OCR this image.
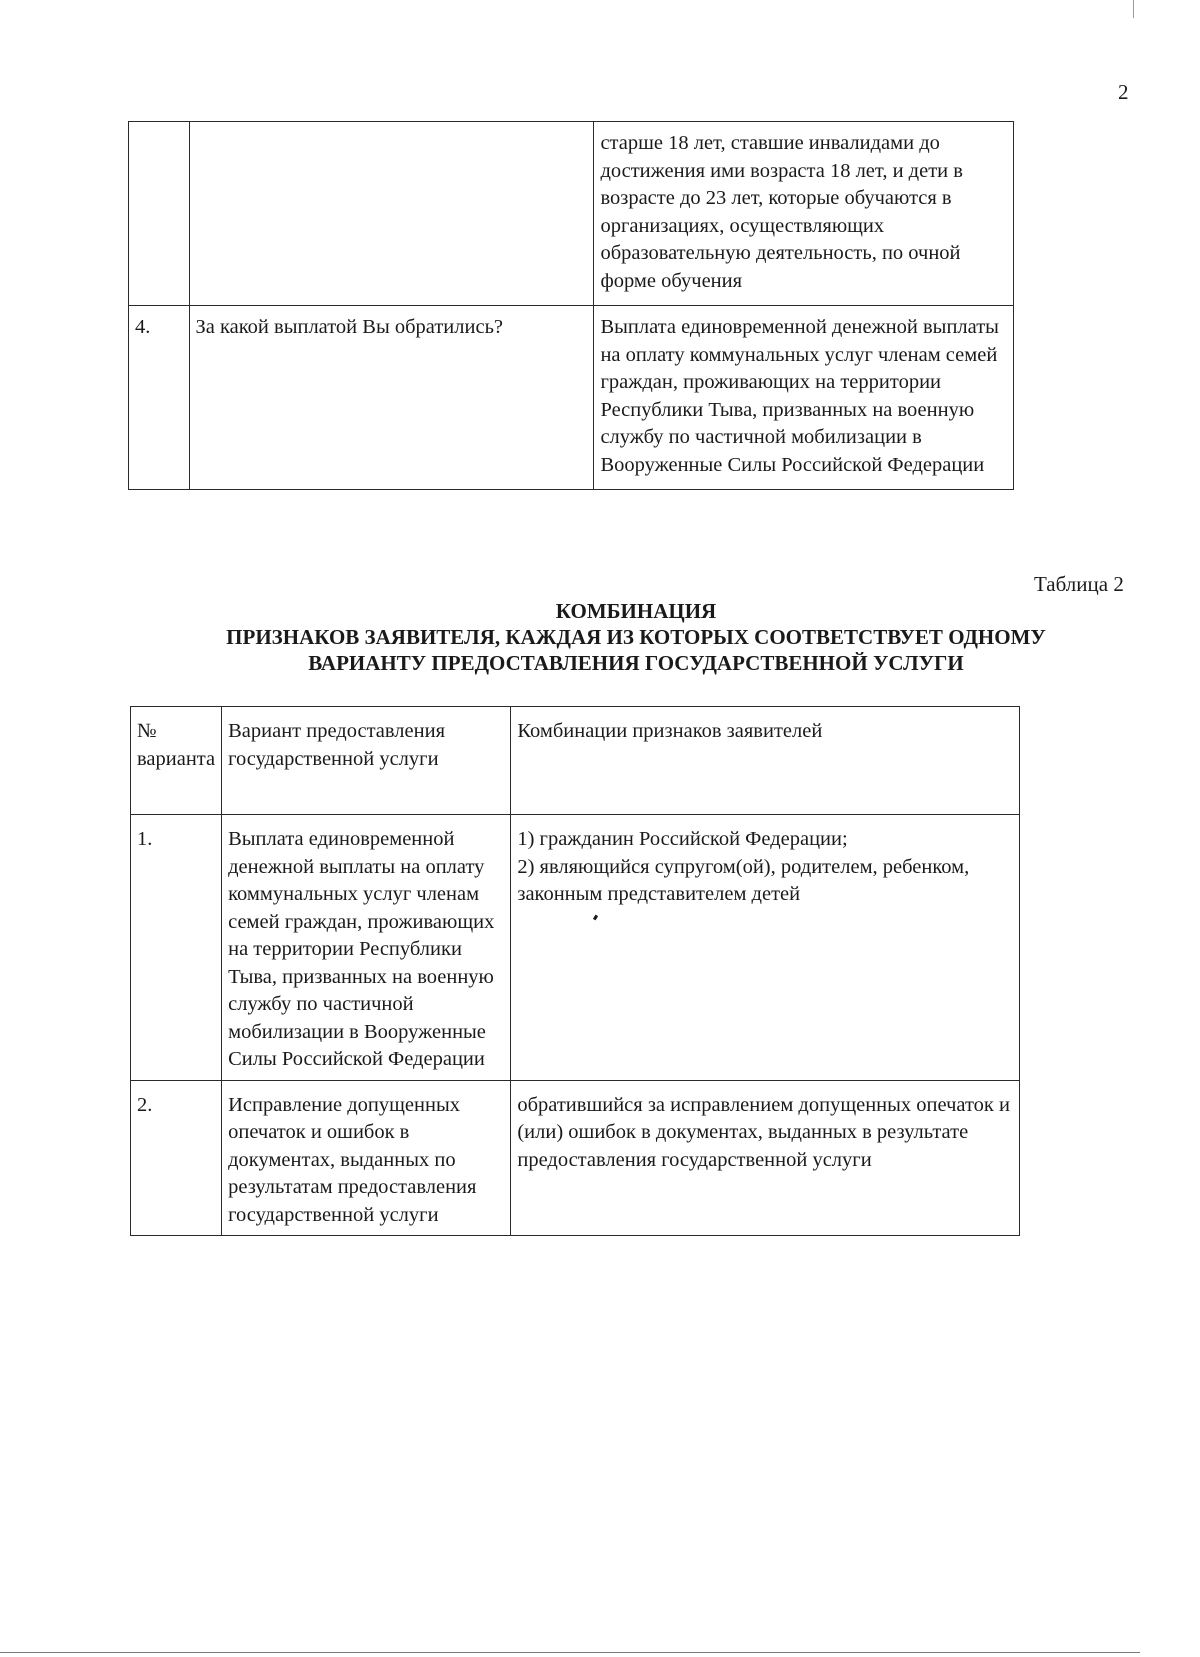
2
		старше 18 лет, ставшие инвалидами до достижения ими возраста 18 лет, и дети в возрасте до 23 лет, которые обучаются в организациях, осуществляющих образовательную деятельность, по очной форме обучения
4.	За какой выплатой Вы обратились?	Выплата единовременной денежной выплаты на оплату коммунальных услуг членам семей граждан, проживающих на территории Республики Тыва, призванных на военную службу по частичной мобилизации в Вооруженные Силы Российской Федерации
Таблица 2
КОМБИНАЦИЯ
ПРИЗНАКОВ ЗАЯВИТЕЛЯ, КАЖДАЯ ИЗ КОТОРЫХ СООТВЕТСТВУЕТ ОДНОМУ
ВАРИАНТУ ПРЕДОСТАВЛЕНИЯ ГОСУДАРСТВЕННОЙ УСЛУГИ
№ варианта	Вариант предоставления государственной услуги	Комбинации признаков заявителей
1.	Выплата единовременной денежной выплаты на оплату коммунальных услуг членам семей граждан, проживающих на территории Республики Тыва, призванных на военную службу по частичной мобилизации в Вооруженные Силы Российской Федерации	1) гражданин Российской Федерации;
2) являющийся супругом(ой), родителем, ребенком, законным представителем детей

2.	Исправление допущенных опечаток и ошибок в документах, выданных по результатам предоставления государственной услуги	обратившийся за исправлением допущенных опечаток и (или) ошибок в документах, выданных в результате предоставления государственной услуги
